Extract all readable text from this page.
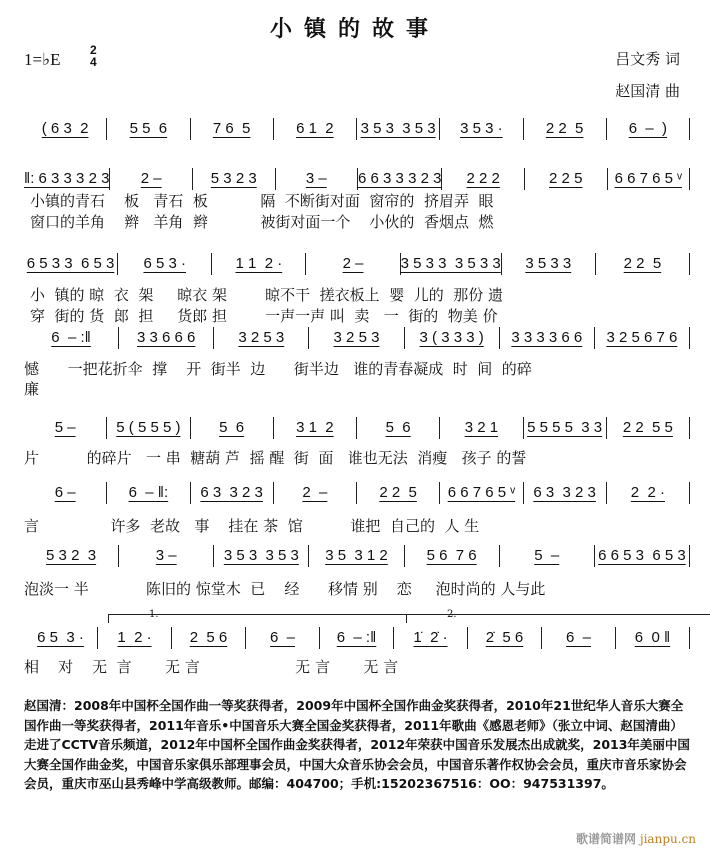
小镇的故事
1=♭E 2
4	吕文秀 词
赵国清 曲
( 6 3  2	5 5  6	7 6  5	6 1  2	3 5 3  3 5 3	3 5 3 ·	2 2  5	6  –  )
‖: 6 3 3 3 2 3	2 –	5 3 2 3	3 –	6 6 3 3 3 2 3	2 2 2	2 2 5	6 6 7 6 5 ᵛ
6 5 3 3  6 5 3	6 5 3 ·	1 1  2 ·	2 –	3 5 3 3  3 5 3 3	3 5 3 3	2 2  5
6  – :‖	3 3 6 6 6	3 2 5 3	3 2 5 3	3 ( 3 3 3 )	3 3 3 3 6 6	3 2 5 6 7 6
5 –	5 ( 5 5 5 )	5  6	3 1  2	5  6	3 2 1	5 5 5 5  3 3	2 2  5 5
6 –	6  – ‖:	6 3  3 2 3	2  –	2 2  5	6 6 7 6 5 ᵛ	6 3  3 2 3	2  2 ·
5 3 2  3	3 –	3 5 3  3 5 3	3 5  3 1 2	5 6  7 6	5  –	6 6 5 3  6 5 3
6 5  3 ·	1  2 ·	2  5 6	6  –	6  – :‖	1̇  2̇ ·	2̇  5 6	6  –	6  0 ‖
小镇的青石    板   青石  板           隔  不断街对面  窗帘的  挤眉弄  眼
窗口的羊角    辫   羊角  辫           被街对面一个    小伙的  香烟点  燃
小  镇的 晾  衣  架     晾衣 架        晾不干  搓衣板上  婴  儿的  那份 遗
穿  街的 货  郎  担     货郎 担        一声一声 叫  卖   一  街的  物美 价
憾      一把花折伞  撑    开  街半  边      街半边   谁的青春凝成  时  间  的碎
廉
片          的碎片   一 串  糖葫 芦  摇 醒  街  面   谁也无法  消瘦   孩子 的誓
言               许多  老故   事    挂在 茶  馆          谁把  自己的  人 生
泡淡一 半            陈旧的 惊堂木  已    经      移情 别    恋     泡时尚的 人与此
相    对    无  言       无 言                    无 言       无 言
1.	2.
赵国清：2008年中国杯全国作曲一等奖获得者，2009年中国杯全国作曲金奖获得者，2010年21世纪华人音乐大赛全国作曲一等奖获得者，2011年音乐•中国音乐大赛全国金奖获得者，2011年歌曲《感恩老师》（张立中词、赵国清曲）走进了CCTV音乐频道，2012年中国杯全国作曲金奖获得者，2012年荣获中国音乐发展杰出成就奖，2013年美丽中国大赛全国作曲金奖，中国音乐家俱乐部理事会员，中国大众音乐协会会员，中国音乐著作权协会会员，重庆市音乐家协会会员，重庆市巫山县秀峰中学高级教师。邮编：404700；手机:15202367516：OO：947531397。
歌谱简谱网 jianpu.cn
